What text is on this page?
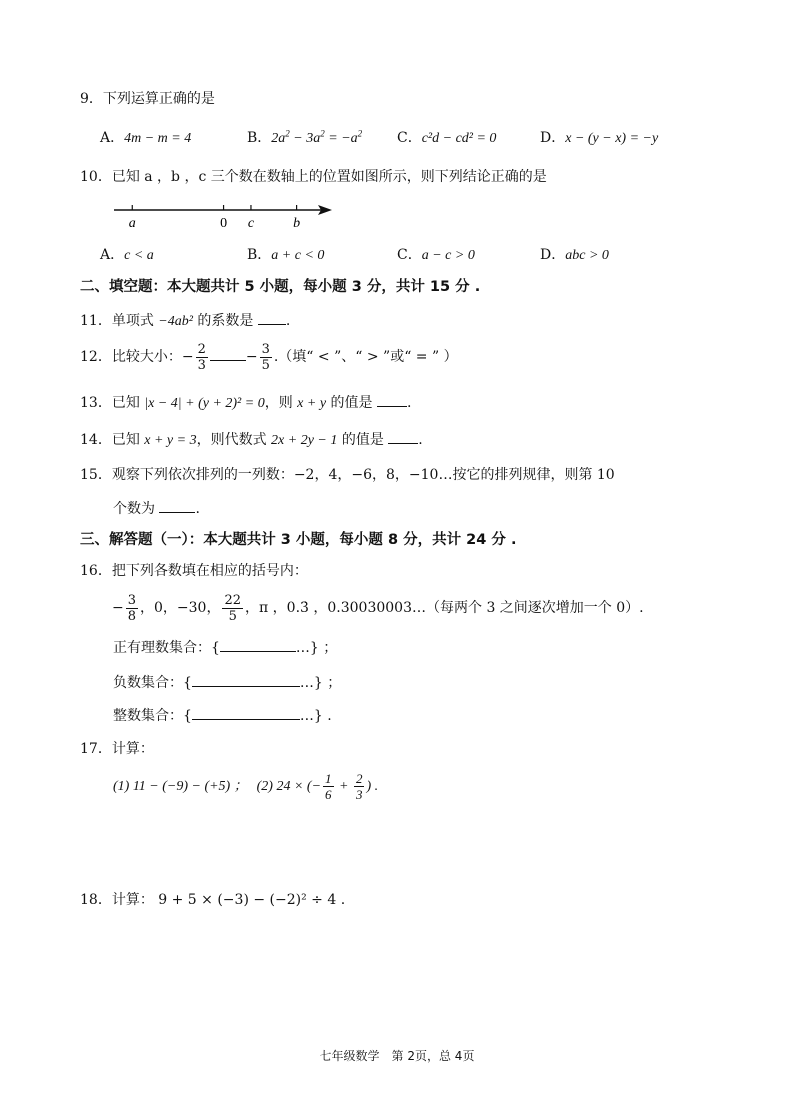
9．下列运算正确的是
A．4m − m = 4	B．$2a^2 - 3a^2 = -a^2$ C．c²d − cd² = 0	D．x − (y − x) = −y
10．已知 a ，b ，c 三个数在数轴上的位置如图所示，则下列结论正确的是
a	0 c	b
A．c < a	B．a + c < 0	C．a − c > 0	D．abc > 0
二、填空题：本大题共计 5 小题，每小题 3 分，共计 15 分 .
11．单项式 −4ab² 的系数是 .
12．比较大小：− $\frac{2}{3}$	− $\frac{3}{5}$ .（填“ < ”、“ > ”或“ = ” ）
13．已知 |x − 4| + (y + 2)² = 0，则 x + y 的值是 .
14．已知 x + y = 3，则代数式 2x + 2y − 1 的值是 .
15．观察下列依次排列的一列数：−2，4，−6，8，−10…按它的排列规律，则第 10
个数为	.
三、解答题（一）：本大题共计 3 小题，每小题 8 分，共计 24 分 .
16．把下列各数填在相应的括号内：
− $\frac{3}{8}$ ，0，−30， $\frac{22}{5}$ ，π ，0.3̇ ，0.30030003…（每两个 3 之间逐次增加一个 0）.
正有理数集合：{	…} ；
负数集合：{	…} ；
整数集合：{	…} .
17．计算：
(1) 11 − (−9) − (+5) ； (2) 24 × (− $\frac{1}{6} + \frac{2}{3}$ ) .
18．计算： 9 + 5 × (−3) − (−2)² ÷ 4 .
七年级数学　第 2页，总 4页
